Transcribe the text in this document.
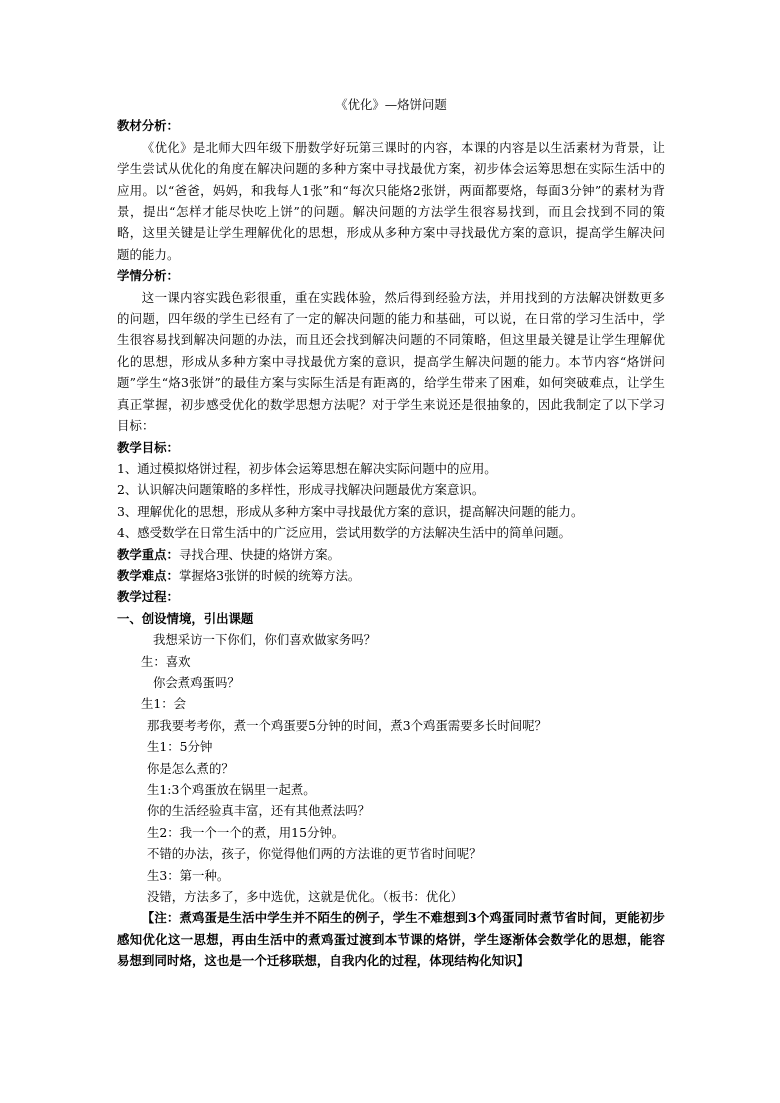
《优化》—烙饼问题

教材分析：

《优化》是北师大四年级下册数学好玩第三课时的内容，本课的内容是以生活素材为背景，让学生尝试从优化的角度在解决问题的多种方案中寻找最优方案，初步体会运筹思想在实际生活中的应用。以“爸爸，妈妈，和我每人1张”和“每次只能烙2张饼，两面都要烙，每面3分钟”的素材为背景，提出“怎样才能尽快吃上饼”的问题。解决问题的方法学生很容易找到，而且会找到不同的策略，这里关键是让学生理解优化的思想，形成从多种方案中寻找最优方案的意识，提高学生解决问题的能力。

学情分析：

这一课内容实践色彩很重，重在实践体验，然后得到经验方法，并用找到的方法解决饼数更多的问题，四年级的学生已经有了一定的解决问题的能力和基础，可以说，在日常的学习生活中，学生很容易找到解决问题的办法，而且还会找到解决问题的不同策略，但这里最关键是让学生理解优化的思想，形成从多种方案中寻找最优方案的意识，提高学生解决问题的能力。本节内容“烙饼问题”学生“烙3张饼”的最佳方案与实际生活是有距离的，给学生带来了困难，如何突破难点，让学生真正掌握，初步感受优化的数学思想方法呢？对于学生来说还是很抽象的，因此我制定了以下学习目标：

教学目标：

1、通过模拟烙饼过程，初步体会运筹思想在解决实际问题中的应用。

2、认识解决问题策略的多样性，形成寻找解决问题最优方案意识。

3、理解优化的思想，形成从多种方案中寻找最优方案的意识，提高解决问题的能力。

4、感受数学在日常生活中的广泛应用，尝试用数学的方法解决生活中的简单问题。

教学重点：寻找合理、快捷的烙饼方案。

教学难点：掌握烙3张饼的时候的统筹方法。

教学过程：

一、创设情境，引出课题

我想采访一下你们，你们喜欢做家务吗？

生：喜欢

你会煮鸡蛋吗？

生1：会

那我要考考你，煮一个鸡蛋要5分钟的时间，煮3个鸡蛋需要多长时间呢？

生1：5分钟

你是怎么煮的？

生1:3个鸡蛋放在锅里一起煮。

你的生活经验真丰富，还有其他煮法吗？

生2：我一个一个的煮，用15分钟。

不错的办法，孩子，你觉得他们两的方法谁的更节省时间呢？

生3：第一种。

没错，方法多了，多中选优，这就是优化。（板书：优化）

【注：煮鸡蛋是生活中学生并不陌生的例子，学生不难想到3个鸡蛋同时煮节省时间，更能初步感知优化这一思想，再由生活中的煮鸡蛋过渡到本节课的烙饼，学生逐渐体会数学化的思想，能容易想到同时烙，这也是一个迁移联想，自我内化的过程，体现结构化知识】
